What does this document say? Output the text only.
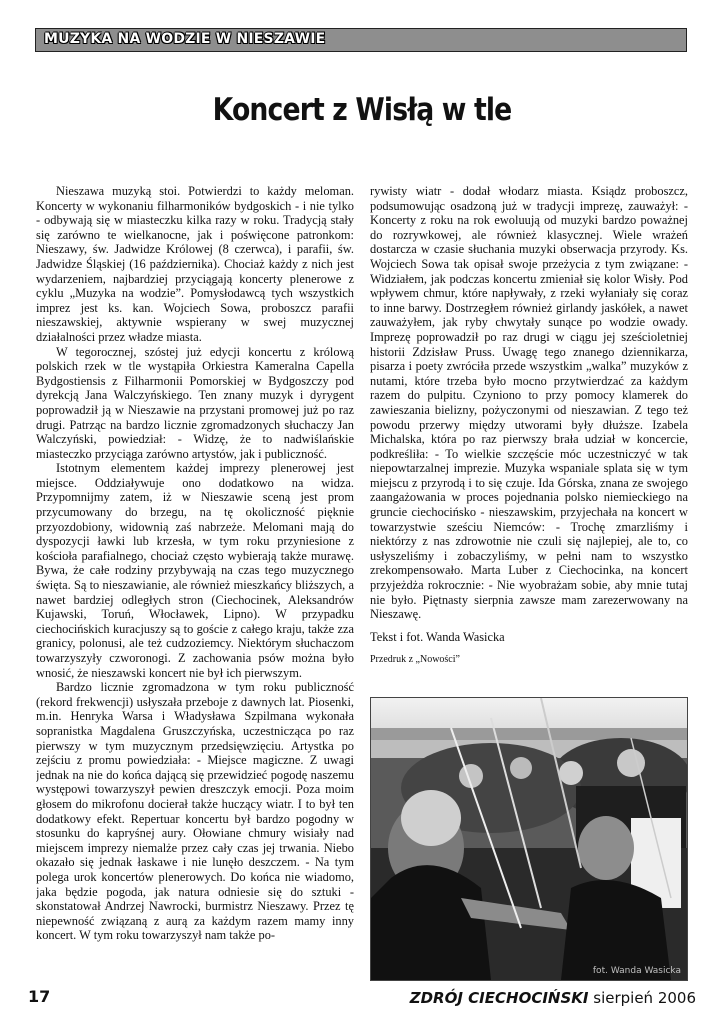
MUZYKA NA WODZIE W NIESZAWIE
Koncert z Wisłą w tle

Nieszawa muzyką stoi. Potwierdzi to każdy meloman. Koncerty w wykonaniu filharmoników bydgoskich - i nie tylko - odbywają się w miasteczku kilka razy w roku. Tradycją stały się zarówno te wielkanocne, jak i poświęcone patronkom: Nieszawy, św. Jadwidze Królowej (8 czerwca), i parafii, św. Jadwidze Śląskiej (16 października). Chociaż każdy z nich jest wydarzeniem, najbardziej przyciągają koncerty plenerowe z cyklu „Muzyka na wodzie”. Pomysłodawcą tych wszystkich imprez jest ks. kan. Wojciech Sowa, proboszcz parafii nieszawskiej, aktywnie wspierany w swej muzycznej działalności przez władze miasta.

W tegorocznej, szóstej już edycji koncertu z królową polskich rzek w tle wystąpiła Orkiestra Kameralna Capella Bydgostiensis z Filharmonii Pomorskiej w Bydgoszczy pod dyrekcją Jana Walczyńskiego. Ten znany muzyk i dyrygent poprowadził ją w Nieszawie na przystani promowej już po raz drugi. Patrząc na bardzo licznie zgromadzonych słuchaczy Jan Walczyński, powiedział: - Widzę, że to nadwiślańskie miasteczko przyciąga zarówno artystów, jak i publiczność.

Istotnym elementem każdej imprezy plenerowej jest miejsce. Oddziaływuje ono dodatkowo na widza. Przypomnijmy zatem, iż w Nieszawie sceną jest prom przycumowany do brzegu, na tę okoliczność pięknie przyozdobiony, widownią zaś nabrzeże. Melomani mają do dyspozycji ławki lub krzesła, w tym roku przyniesione z kościoła parafialnego, chociaż często wybierają także murawę. Bywa, że całe rodziny przybywają na czas tego muzycznego święta. Są to nieszawianie, ale również mieszkańcy bliższych, a nawet bardziej odległych stron (Ciechocinek, Aleksandrów Kujawski, Toruń, Włocławek, Lipno). W przypadku ciechocińskich kuracjuszy są to goście z całego kraju, także zza granicy, polonusi, ale też cudzoziemcy. Niektórym słuchaczom towarzyszyły czworonogi. Z zachowania psów można było wnosić, że nieszawski koncert nie był ich pierwszym.

Bardzo licznie zgromadzona w tym roku publiczność (rekord frekwencji) usłyszała przeboje z dawnych lat. Piosenki, m.in. Henryka Warsa i Władysława Szpilmana wykonała sopranistka Magdalena Gruszczyńska, uczestnicząca po raz pierwszy w tym muzycznym przedsięwzięciu. Artystka po zejściu z promu powiedziała: - Miejsce magiczne. Z uwagi jednak na nie do końca dającą się przewidzieć pogodę naszemu występowi towarzyszył pewien dreszczyk emocji. Poza moim głosem do mikrofonu docierał także huczący wiatr. I to był ten dodatkowy efekt. Repertuar koncertu był bardzo pogodny w stosunku do kapryśnej aury. Ołowiane chmury wisiały nad miejscem imprezy niemalże przez cały czas jej trwania. Niebo okazało się jednak łaskawe i nie lunęło deszczem. - Na tym polega urok koncertów plenerowych. Do końca nie wiadomo, jaka będzie pogoda, jak natura odniesie się do sztuki - skonstatował Andrzej Nawrocki, burmistrz Nieszawy. Przez tę niepewność związaną z aurą za każdym razem mamy inny koncert. W tym roku towarzyszył nam także po-

rywisty wiatr - dodał włodarz miasta. Ksiądz proboszcz, podsumowując osadzoną już w tradycji imprezę, zauważył: - Koncerty z roku na rok ewoluują od muzyki bardzo poważnej do rozrywkowej, ale również klasycznej. Wiele wrażeń dostarcza w czasie słuchania muzyki obserwacja przyrody. Ks. Wojciech Sowa tak opisał swoje przeżycia z tym związane: - Widziałem, jak podczas koncertu zmieniał się kolor Wisły. Pod wpływem chmur, które napływały, z rzeki wyłaniały się coraz to inne barwy. Dostrzegłem również girlandy jaskółek, a nawet zauważyłem, jak ryby chwytały sunące po wodzie owady. Imprezę poprowadził po raz drugi w ciągu jej sześcioletniej historii Zdzisław Pruss. Uwagę tego znanego dziennikarza, pisarza i poety zwróciła przede wszystkim „walka” muzyków z nutami, które trzeba było mocno przytwierdzać za każdym razem do pulpitu. Czyniono to przy pomocy klamerek do zawieszania bielizny, pożyczonymi od nieszawian. Z tego też powodu przerwy między utworami były dłuższe. Izabela Michalska, która po raz pierwszy brała udział w koncercie, podkreśliła: - To wielkie szczęście móc uczestniczyć w tak niepowtarzalnej imprezie. Muzyka wspaniale splata się w tym miejscu z przyrodą i to się czuje. Ida Górska, znana ze swojego zaangażowania w proces pojednania polsko niemieckiego na gruncie ciechocińsko - nieszawskim, przyjechała na koncert w towarzystwie sześciu Niemców: - Trochę zmarzliśmy i niektórzy z nas zdrowotnie nie czuli się najlepiej, ale to, co usłyszeliśmy i zobaczyliśmy, w pełni nam to wszystko zrekompensowało. Marta Luber z Ciechocinka, na koncert przyjeżdża rokrocznie: - Nie wyobrażam sobie, aby mnie tutaj nie było. Piętnasty sierpnia zawsze mam zarezerwowany na Nieszawę.

Tekst i fot. Wanda Wasicka

Przedruk z „Nowości”

fot. Wanda Wasicka
17	ZDRÓJ CIECHOCIŃSKI sierpień 2006
